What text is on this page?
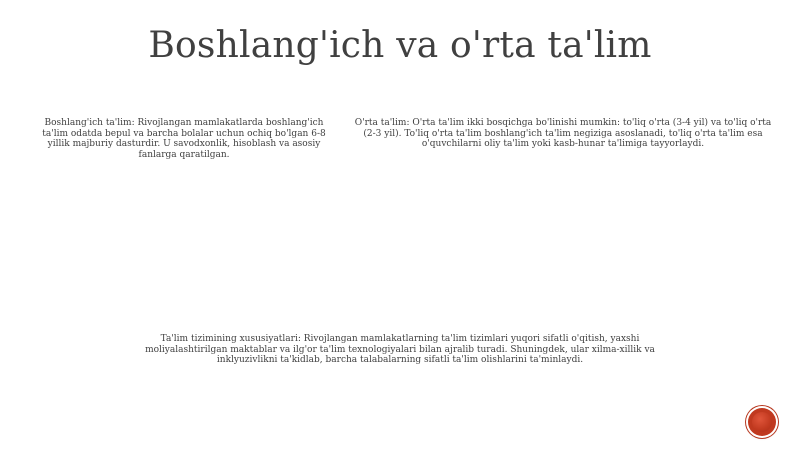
Boshlang'ich va o'rta ta'lim
Boshlang'ich ta'lim: Rivojlangan mamlakatlarda boshlang'ich ta'lim odatda bepul va barcha bolalar uchun ochiq bo'lgan 6-8 yillik majburiy dasturdir. U savodxonlik, hisoblash va asosiy fanlarga qaratilgan.
O'rta ta'lim: O'rta ta'lim ikki bosqichga bo'linishi mumkin: to'liq o'rta (3-4 yil) va to'liq o'rta (2-3 yil). To'liq o'rta ta'lim boshlang'ich ta'lim negiziga asoslanadi, to'liq o'rta ta'lim esa o'quvchilarni oliy ta'lim yoki kasb-hunar ta'limiga tayyorlaydi.
Ta'lim tizimining xususiyatlari: Rivojlangan mamlakatlarning ta'lim tizimlari yuqori sifatli o'qitish, yaxshi moliyalashtirilgan maktablar va ilg'or ta'lim texnologiyalari bilan ajralib turadi. Shuningdek, ular xilma-xillik va inklyuzivlikni ta'kidlab, barcha talabalarning sifatli ta'lim olishlarini ta'minlaydi.
